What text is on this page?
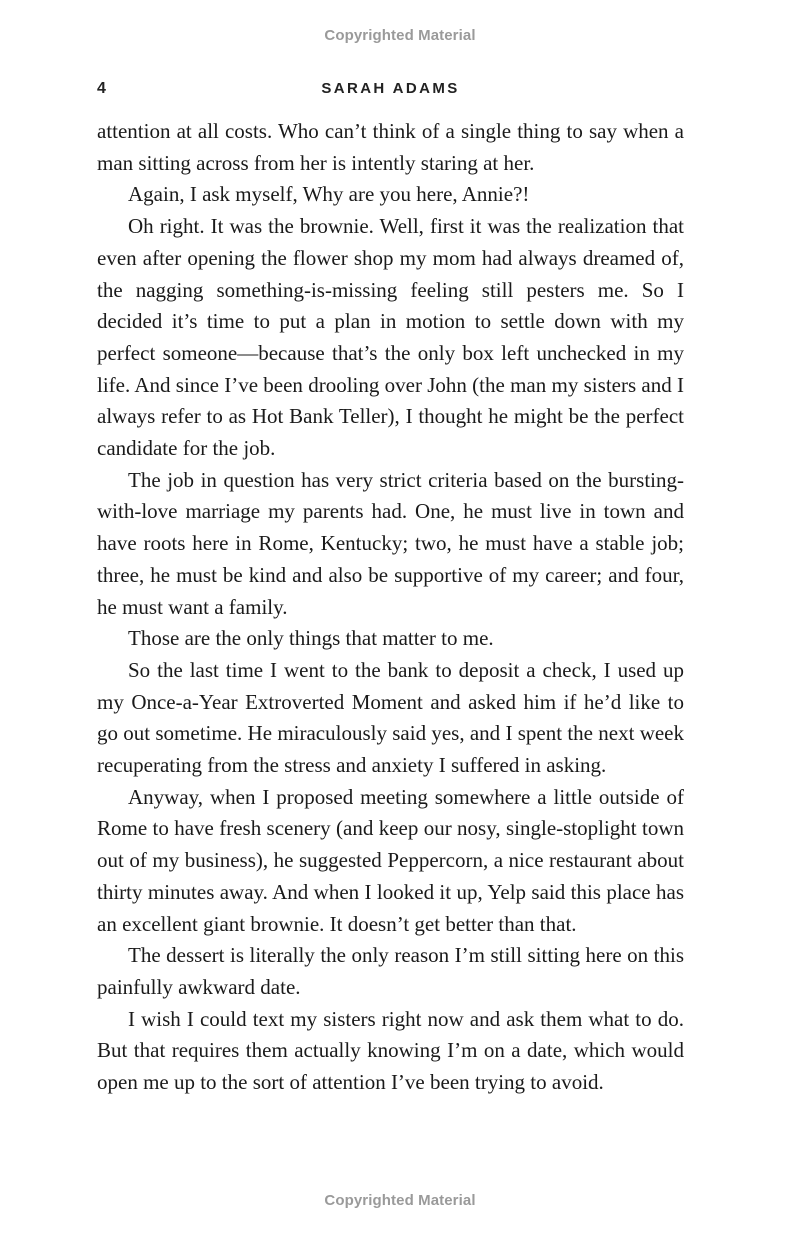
Copyrighted Material
4	SARAH ADAMS

attention at all costs. Who can’t think of a single thing to say when a man sitting across from her is intently staring at her.

Again, I ask myself, Why are you here, Annie?!

Oh right. It was the brownie. Well, first it was the realization that even after opening the flower shop my mom had always dreamed of, the nagging something-is-missing feeling still pesters me. So I decided it’s time to put a plan in motion to settle down with my perfect someone—because that’s the only box left unchecked in my life. And since I’ve been drooling over John (the man my sisters and I always refer to as Hot Bank Teller), I thought he might be the perfect candidate for the job.

The job in question has very strict criteria based on the bursting-with-love marriage my parents had. One, he must live in town and have roots here in Rome, Kentucky; two, he must have a stable job; three, he must be kind and also be supportive of my career; and four, he must want a family.

Those are the only things that matter to me.

So the last time I went to the bank to deposit a check, I used up my Once-a-Year Extroverted Moment and asked him if he’d like to go out sometime. He miraculously said yes, and I spent the next week recuperating from the stress and anxiety I suffered in asking.

Anyway, when I proposed meeting somewhere a little outside of Rome to have fresh scenery (and keep our nosy, single-stoplight town out of my business), he suggested Peppercorn, a nice restaurant about thirty minutes away. And when I looked it up, Yelp said this place has an excellent giant brownie. It doesn’t get better than that.

The dessert is literally the only reason I’m still sitting here on this painfully awkward date.

I wish I could text my sisters right now and ask them what to do. But that requires them actually knowing I’m on a date, which would open me up to the sort of attention I’ve been trying to avoid.

Copyrighted Material
